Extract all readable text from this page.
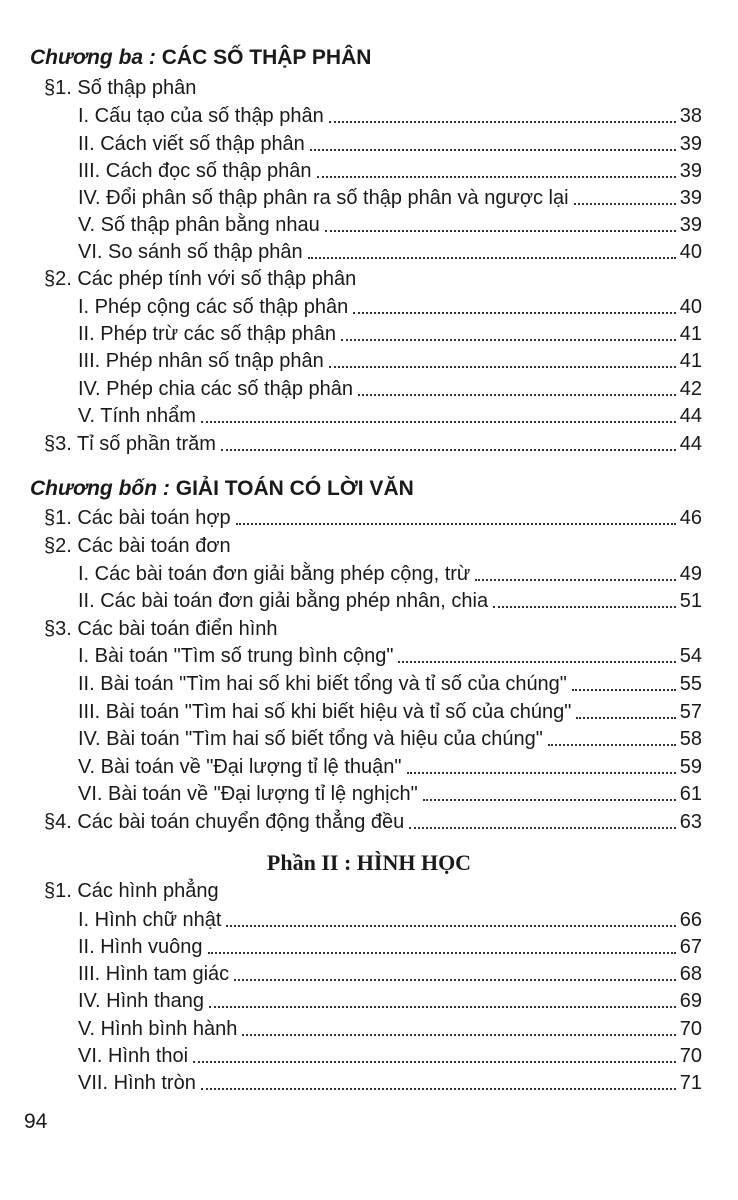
Chương ba : CÁC SỐ THẬP PHÂN
§1. Số thập phân
I. Cấu tạo của số thập phân	38
II. Cách viết số thập phân	39
III. Cách đọc số thập phân	39
IV. Đổi phân số thập phân ra số thập phân và ngược lại	39
V. Số thập phân bằng nhau	39
VI. So sánh số thập phân	40
§2. Các phép tính với số thập phân
I. Phép cộng các số thập phân	40
II. Phép trừ các số thập phân	41
III. Phép nhân số tnập phân	41
IV. Phép chia các số thập phân	42
V. Tính nhẩm	44
§3. Tỉ số phần trăm	44
Chương bốn : GIẢI TOÁN CÓ LỜI VĂN
§1. Các bài toán hợp	46
§2. Các bài toán đơn
I. Các bài toán đơn giải bằng phép cộng, trừ	49
II. Các bài toán đơn giải bằng phép nhân, chia	51
§3. Các bài toán điển hình
I. Bài toán "Tìm số trung bình cộng"	54
II. Bài toán "Tìm hai số khi biết tổng và tỉ số của chúng"	55
III. Bài toán "Tìm hai số khi biết hiệu và tỉ số của chúng"	57
IV. Bài toán "Tìm hai số biết tổng và hiệu của chúng"	58
V. Bài toán về "Đại lượng tỉ lệ thuận"	59
VI. Bài toán về "Đại lượng tỉ lệ nghịch"	61
§4. Các bài toán chuyển động thẳng đều	63
Phần II : HÌNH HỌC
§1. Các hình phẳng
I. Hình chữ nhật	66
II. Hình vuông	67
III. Hình tam giác	68
IV. Hình thang	69
V. Hình bình hành	70
VI. Hình thoi	70
VII. Hình tròn	71
94
